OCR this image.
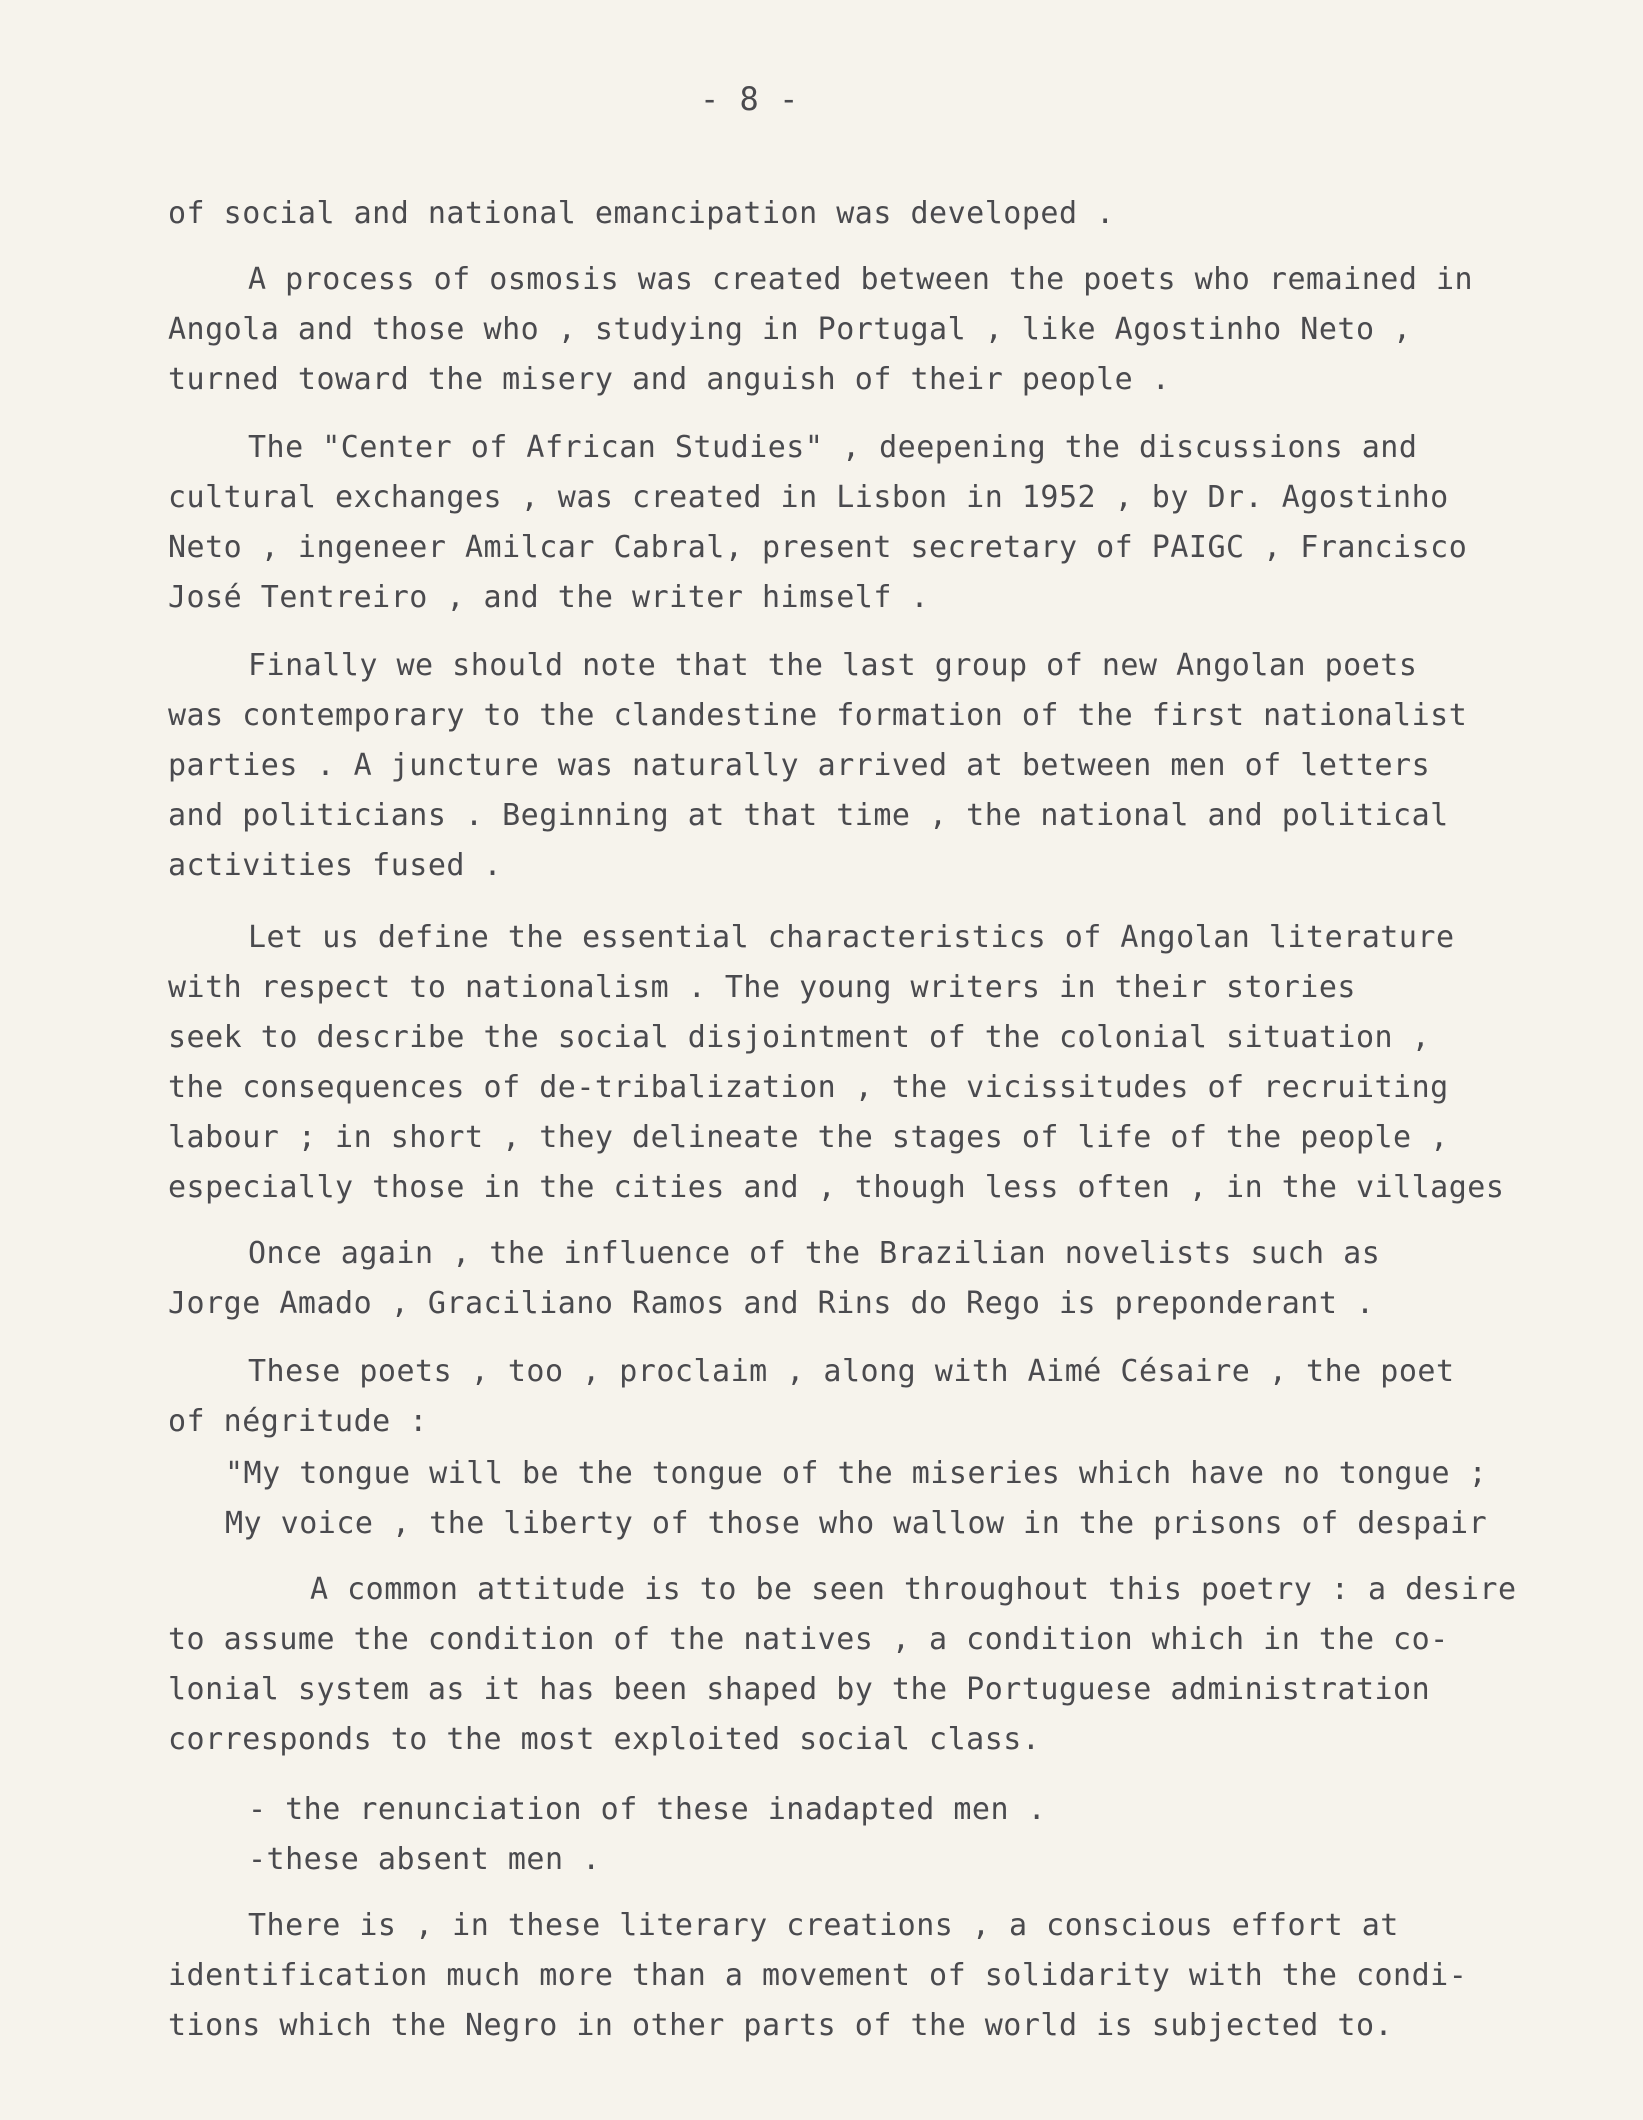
- 8 -
of social and national emancipation was developed .
A process of osmosis was created between the poets who remained in
Angola and those who , studying in Portugal , like Agostinho Neto ,
turned toward the misery and anguish of their people .
The "Center of African Studies" , deepening the discussions and
cultural exchanges , was created in Lisbon in 1952 , by Dr. Agostinho
Neto , ingeneer Amilcar Cabral, present secretary of PAIGC , Francisco
José Tentreiro , and the writer himself .
Finally we should note that the last group of new Angolan poets
was contemporary to the clandestine formation of the first nationalist
parties . A juncture was naturally arrived at between men of letters
and politicians . Beginning at that time , the national and political
activities fused .
Let us define the essential characteristics of Angolan literature
with respect to nationalism . The young writers in their stories
seek to describe the social disjointment of the colonial situation ,
the consequences of de-tribalization , the vicissitudes of recruiting
labour ; in short , they delineate the stages of life of the people ,
especially those in the cities and , though less often , in the villages
Once again , the influence of the Brazilian novelists such as
Jorge Amado , Graciliano Ramos and Rins do Rego is preponderant .
These poets , too , proclaim , along with Aimé Césaire , the poet
of négritude :
"My tongue will be the tongue of the miseries which have no tongue ;
My voice , the liberty of those who wallow in the prisons of despair
A common attitude is to be seen throughout this poetry : a desire
to assume the condition of the natives , a condition which in the co-
lonial system as it has been shaped by the Portuguese administration
corresponds to the most exploited social class.
- the renunciation of these inadapted men .
-these absent men .
There is , in these literary creations , a conscious effort at
identification much more than a movement of solidarity with the condi-
tions which the Negro in other parts of the world is subjected to.
